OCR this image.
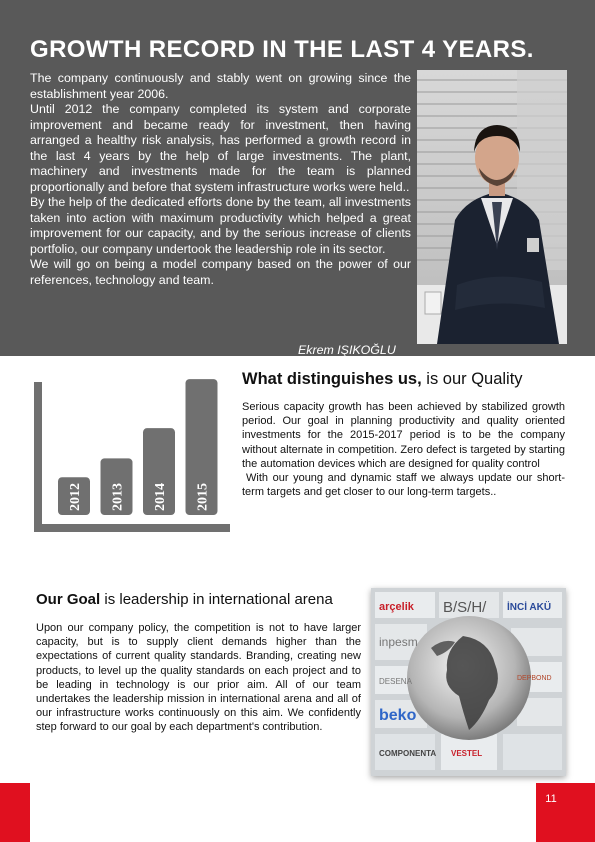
GROWTH RECORD IN THE LAST 4 YEARS.

The company continuously and stably went on growing since the establishment year 2006.

Until 2012 the company completed its system and corporate improvement and became ready for investment, then having arranged a healthy risk analysis, has performed a growth record in the last 4 years by the help of large investments. The plant, machinery and investments made for the team is planned proportionally and before that system infrastructure works were held..

By the help of the dedicated efforts done by the team, all investments taken into action with maximum productivity which helped a great improvement for our capacity, and by the serious increase of clients portfolio, our company undertook the leadership role in its sector.

We will go on being a model company based on the power of our references, technology and team.

Ekrem IŞIKOĞLU
2012 2013 2014 2015
What distinguishes us, is our Quality

Serious capacity growth has been achieved by stabilized growth period. Our goal in planning productivity and quality oriented investments for the 2015-2017 period is to be the company without alternate in competition. Zero defect is targeted by starting the automation devices which are designed for quality control

With our young and dynamic staff we always update our short-term targets and get closer to our long-term targets..

Our Goal is leadership in international arena

Upon our company policy, the competition is not to have larger capacity, but is to supply client demands higher than the expectations of current quality standards. Branding, creating new products, to level up the quality standards on each project and to be leading in technology is our prior aim. All of our team undertakes the leadership mission in international arena and all of our infrastructure works continuously on this aim. We confidently step forward to our goal by each department's contribution.

arçelik B/S/H/ İNCİ AKÜ
inpesm
DESENA	DEPBOND
beko
COMPONENTA VESTEL
11
